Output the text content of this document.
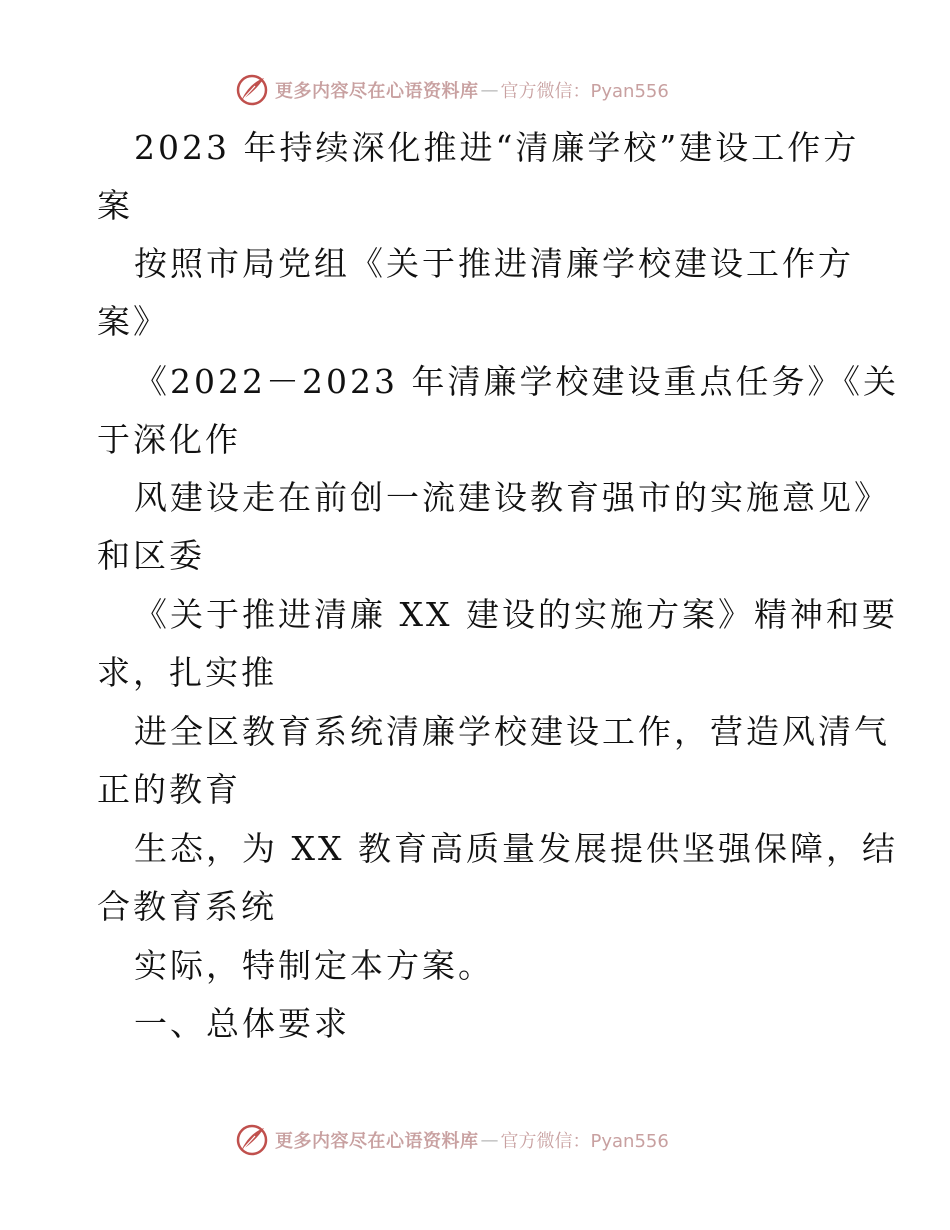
更多内容尽在心语资料库 — 官方微信：Pyan556
2023 年持续深化推进“清廉学校”建设工作方
案
按照市局党组《关于推进清廉学校建设工作方
案》
《2022－2023 年清廉学校建设重点任务》《关
于深化作
风建设走在前创一流建设教育强市的实施意见》
和区委
《关于推进清廉 XX 建设的实施方案》精神和要
求，扎实推
进全区教育系统清廉学校建设工作，营造风清气
正的教育
生态，为 XX 教育高质量发展提供坚强保障，结
合教育系统
实际，特制定本方案。
一、总体要求
更多内容尽在心语资料库 — 官方微信：Pyan556
